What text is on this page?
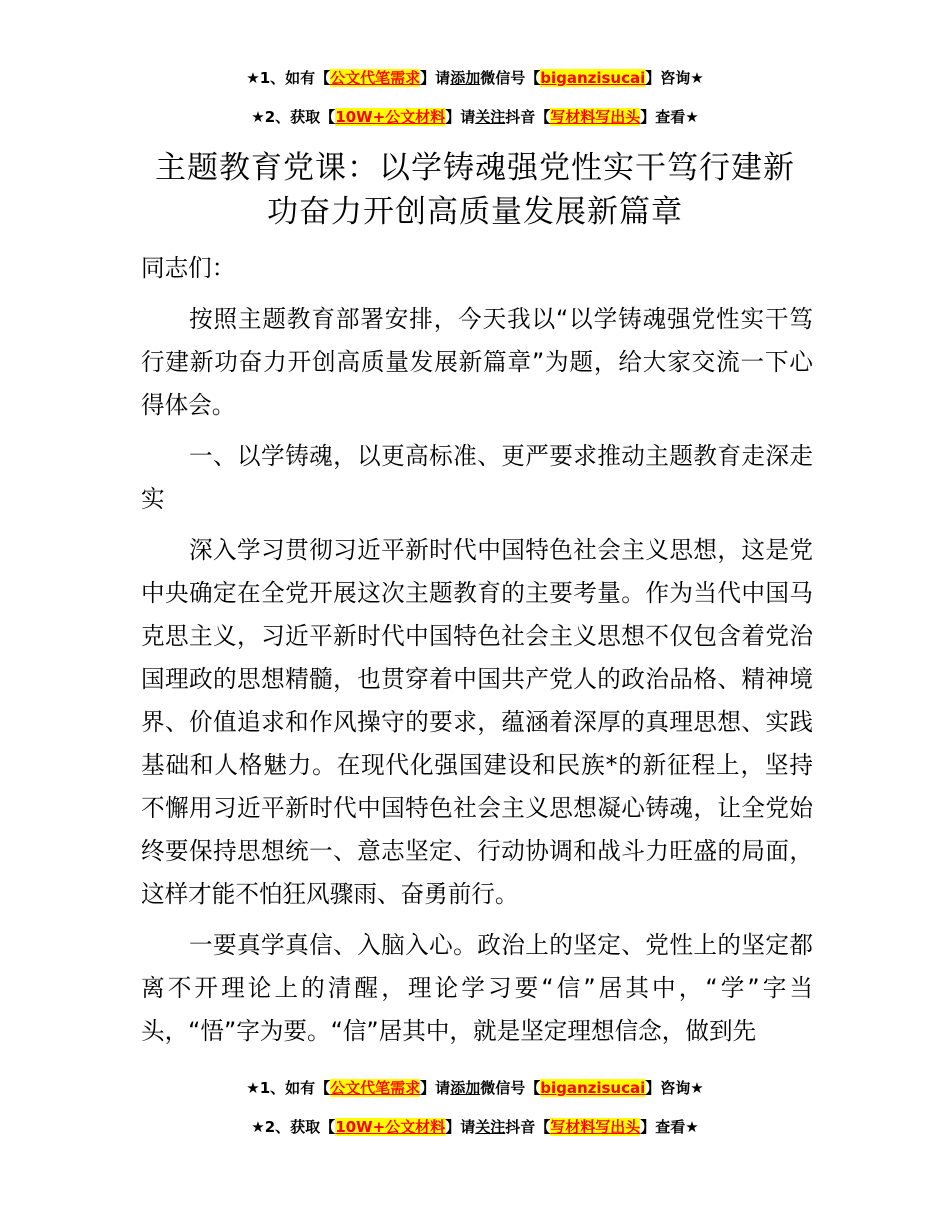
★1、如有【公文代笔需求】请添加微信号【biganzisucai】咨询★
★2、获取【10W+公文材料】请关注抖音【写材料写出头】查看★
主题教育党课：以学铸魂强党性实干笃行建新
功奋力开创高质量发展新篇章

同志们：

按照主题教育部署安排，今天我以“以学铸魂强党性实干笃行建新功奋力开创高质量发展新篇章”为题，给大家交流一下心得体会。

一、以学铸魂，以更高标准、更严要求推动主题教育走深走实

深入学习贯彻习近平新时代中国特色社会主义思想，这是党中央确定在全党开展这次主题教育的主要考量。作为当代中国马克思主义，习近平新时代中国特色社会主义思想不仅包含着党治国理政的思想精髓，也贯穿着中国共产党人的政治品格、精神境界、价值追求和作风操守的要求，蕴涵着深厚的真理思想、实践基础和人格魅力。在现代化强国建设和民族*的新征程上，坚持不懈用习近平新时代中国特色社会主义思想凝心铸魂，让全党始终要保持思想统一、意志坚定、行动协调和战斗力旺盛的局面，这样才能不怕狂风骤雨、奋勇前行。

一要真学真信、入脑入心。政治上的坚定、党性上的坚定都离不开理论上的清醒，理论学习要“信”居其中，“学”字当头，“悟”字为要。“信”居其中，就是坚定理想信念，做到先

★1、如有【公文代笔需求】请添加微信号【biganzisucai】咨询★
★2、获取【10W+公文材料】请关注抖音【写材料写出头】查看★
